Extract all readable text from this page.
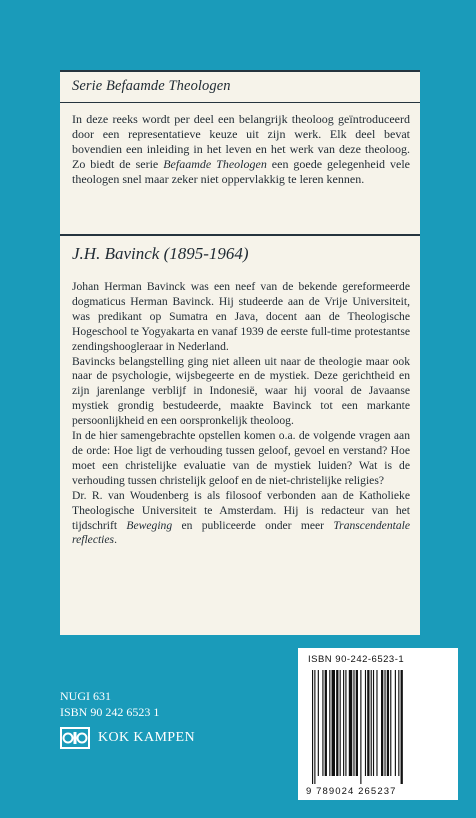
Serie Befaamde Theologen
In deze reeks wordt per deel een belangrijk theoloog geïntroduceerd door een representatieve keuze uit zijn werk. Elk deel bevat bovendien een inleiding in het leven en het werk van deze theoloog. Zo biedt de serie Befaamde Theologen een goede gelegenheid vele theologen snel maar zeker niet oppervlakkig te leren kennen.
J.H. Bavinck (1895-1964)

Johan Herman Bavinck was een neef van de bekende gereformeerde dogmaticus Herman Bavinck. Hij studeerde aan de Vrije Universiteit, was predikant op Sumatra en Java, docent aan de Theologische Hogeschool te Yogyakarta en vanaf 1939 de eerste full-time protestantse zendingshoogleraar in Nederland.

Bavincks belangstelling ging niet alleen uit naar de theologie maar ook naar de psychologie, wijsbegeerte en de mystiek. Deze gerichtheid en zijn jarenlange verblijf in Indonesië, waar hij vooral de Javaanse mystiek grondig bestudeerde, maakte Bavinck tot een markante persoonlijkheid en een oorspronkelijk theoloog.

In de hier samengebrachte opstellen komen o.a. de volgende vragen aan de orde: Hoe ligt de verhouding tussen geloof, gevoel en verstand? Hoe moet een christelijke evaluatie van de mystiek luiden? Wat is de verhouding tussen christelijk geloof en de niet-christelijke religies?

Dr. R. van Woudenberg is als filosoof verbonden aan de Katholieke Theologische Universiteit te Amsterdam. Hij is redacteur van het tijdschrift Beweging en publiceerde onder meer Transcendentale reflecties.

NUGI 631
ISBN 90 242 6523 1
KOK KAMPEN
ISBN 90-242-6523-1
9 789024 265237
